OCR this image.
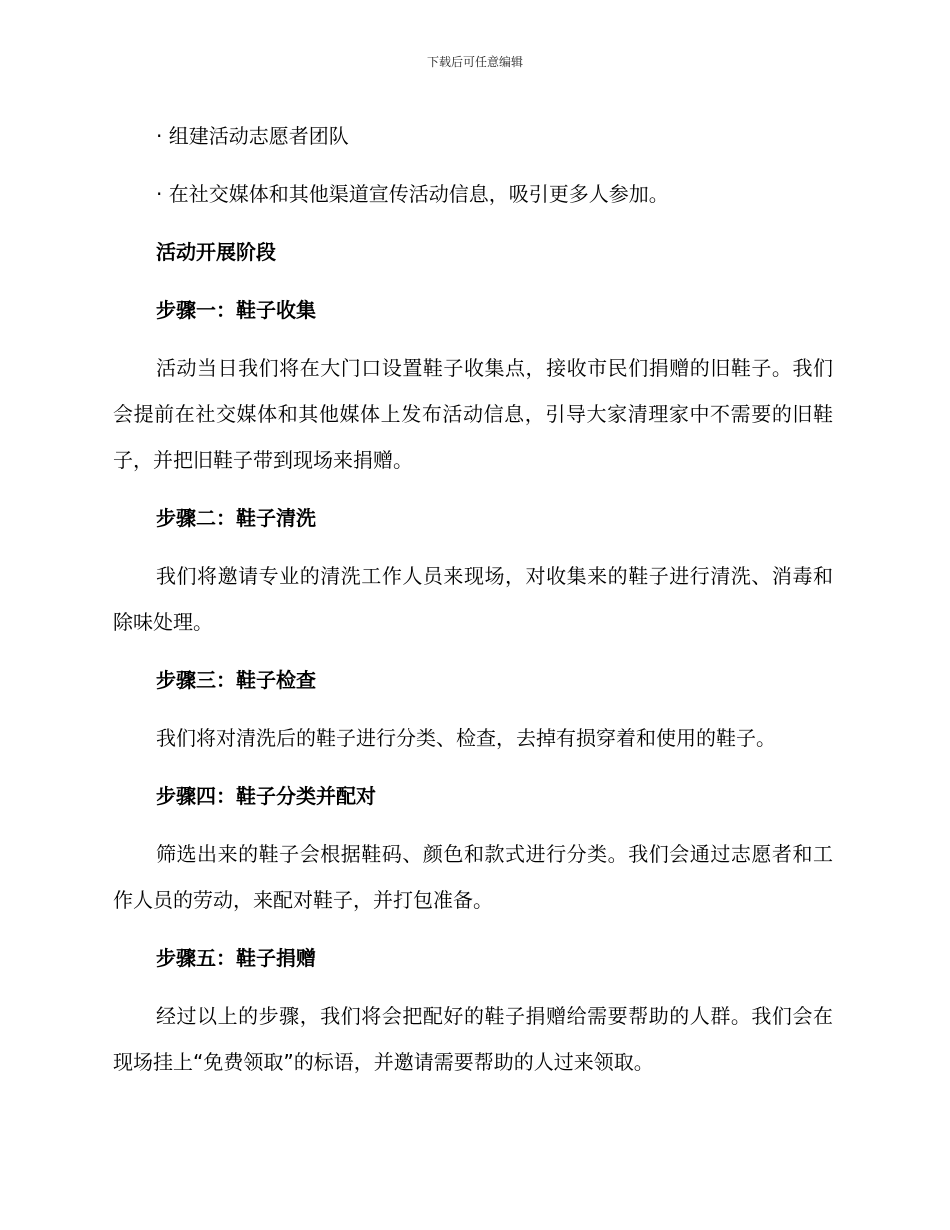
下载后可任意编辑

· 组建活动志愿者团队

· 在社交媒体和其他渠道宣传活动信息，吸引更多人参加。

活动开展阶段

步骤一：鞋子收集

活动当日我们将在大门口设置鞋子收集点，接收市民们捐赠的旧鞋子。我们会提前在社交媒体和其他媒体上发布活动信息，引导大家清理家中不需要的旧鞋子，并把旧鞋子带到现场来捐赠。

步骤二：鞋子清洗

我们将邀请专业的清洗工作人员来现场，对收集来的鞋子进行清洗、消毒和除味处理。

步骤三：鞋子检查

我们将对清洗后的鞋子进行分类、检查，去掉有损穿着和使用的鞋子。

步骤四：鞋子分类并配对

筛选出来的鞋子会根据鞋码、颜色和款式进行分类。我们会通过志愿者和工作人员的劳动，来配对鞋子，并打包准备。

步骤五：鞋子捐赠

经过以上的步骤，我们将会把配好的鞋子捐赠给需要帮助的人群。我们会在现场挂上“免费领取”的标语，并邀请需要帮助的人过来领取。
